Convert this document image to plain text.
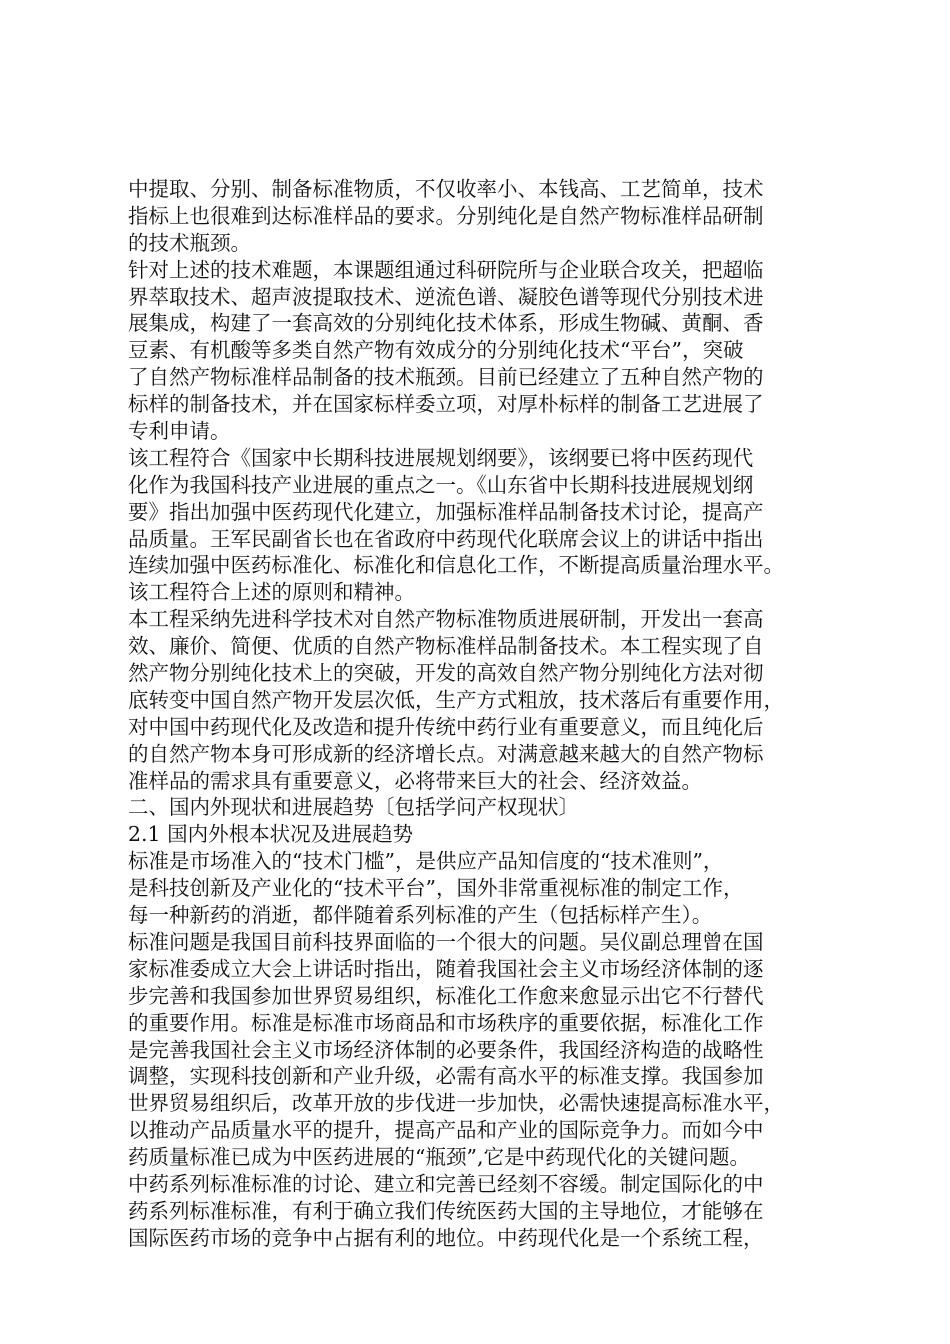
中提取、分别、制备标准物质，不仅收率小、本钱高、工艺简单，技术
指标上也很难到达标准样品的要求。分别纯化是自然产物标准样品研制
的技术瓶颈。
针对上述的技术难题，本课题组通过科研院所与企业联合攻关，把超临
界萃取技术、超声波提取技术、逆流色谱、凝胶色谱等现代分别技术进
展集成，构建了一套高效的分别纯化技术体系，形成生物碱、黄酮、香
豆素、有机酸等多类自然产物有效成分的分别纯化技术“平台”，突破
了自然产物标准样品制备的技术瓶颈。目前已经建立了五种自然产物的
标样的制备技术，并在国家标样委立项，对厚朴标样的制备工艺进展了
专利申请。
该工程符合《国家中长期科技进展规划纲要》，该纲要已将中医药现代
化作为我国科技产业进展的重点之一。《山东省中长期科技进展规划纲
要》指出加强中医药现代化建立，加强标准样品制备技术讨论，提高产
品质量。王军民副省长也在省政府中药现代化联席会议上的讲话中指出
连续加强中医药标准化、标准化和信息化工作，不断提高质量治理水平。
该工程符合上述的原则和精神。
本工程采纳先进科学技术对自然产物标准物质进展研制，开发出一套高
效、廉价、简便、优质的自然产物标准样品制备技术。本工程实现了自
然产物分别纯化技术上的突破，开发的高效自然产物分别纯化方法对彻
底转变中国自然产物开发层次低，生产方式粗放，技术落后有重要作用，
对中国中药现代化及改造和提升传统中药行业有重要意义，而且纯化后
的自然产物本身可形成新的经济增长点。对满意越来越大的自然产物标
准样品的需求具有重要意义，必将带来巨大的社会、经济效益。
二、国内外现状和进展趋势〔包括学问产权现状〕
2.1 国内外根本状况及进展趋势
标准是市场准入的“技术门槛”，是供应产品知信度的“技术准则”，
是科技创新及产业化的“技术平台”，国外非常重视标准的制定工作，
每一种新药的消逝，都伴随着系列标准的产生（包括标样产生）。
标准问题是我国目前科技界面临的一个很大的问题。吴仪副总理曾在国
家标准委成立大会上讲话时指出，随着我国社会主义市场经济体制的逐
步完善和我国参加世界贸易组织，标准化工作愈来愈显示出它不行替代
的重要作用。标准是标准市场商品和市场秩序的重要依据，标准化工作
是完善我国社会主义市场经济体制的必要条件，我国经济构造的战略性
调整，实现科技创新和产业升级，必需有高水平的标准支撑。我国参加
世界贸易组织后，改革开放的步伐进一步加快，必需快速提高标准水平，
以推动产品质量水平的提升，提高产品和产业的国际竞争力。而如今中
药质量标准已成为中医药进展的“瓶颈”,它是中药现代化的关键问题。
中药系列标准标准的讨论、建立和完善已经刻不容缓。制定国际化的中
药系列标准标准，有利于确立我们传统医药大国的主导地位，才能够在
国际医药市场的竞争中占据有利的地位。中药现代化是一个系统工程，
